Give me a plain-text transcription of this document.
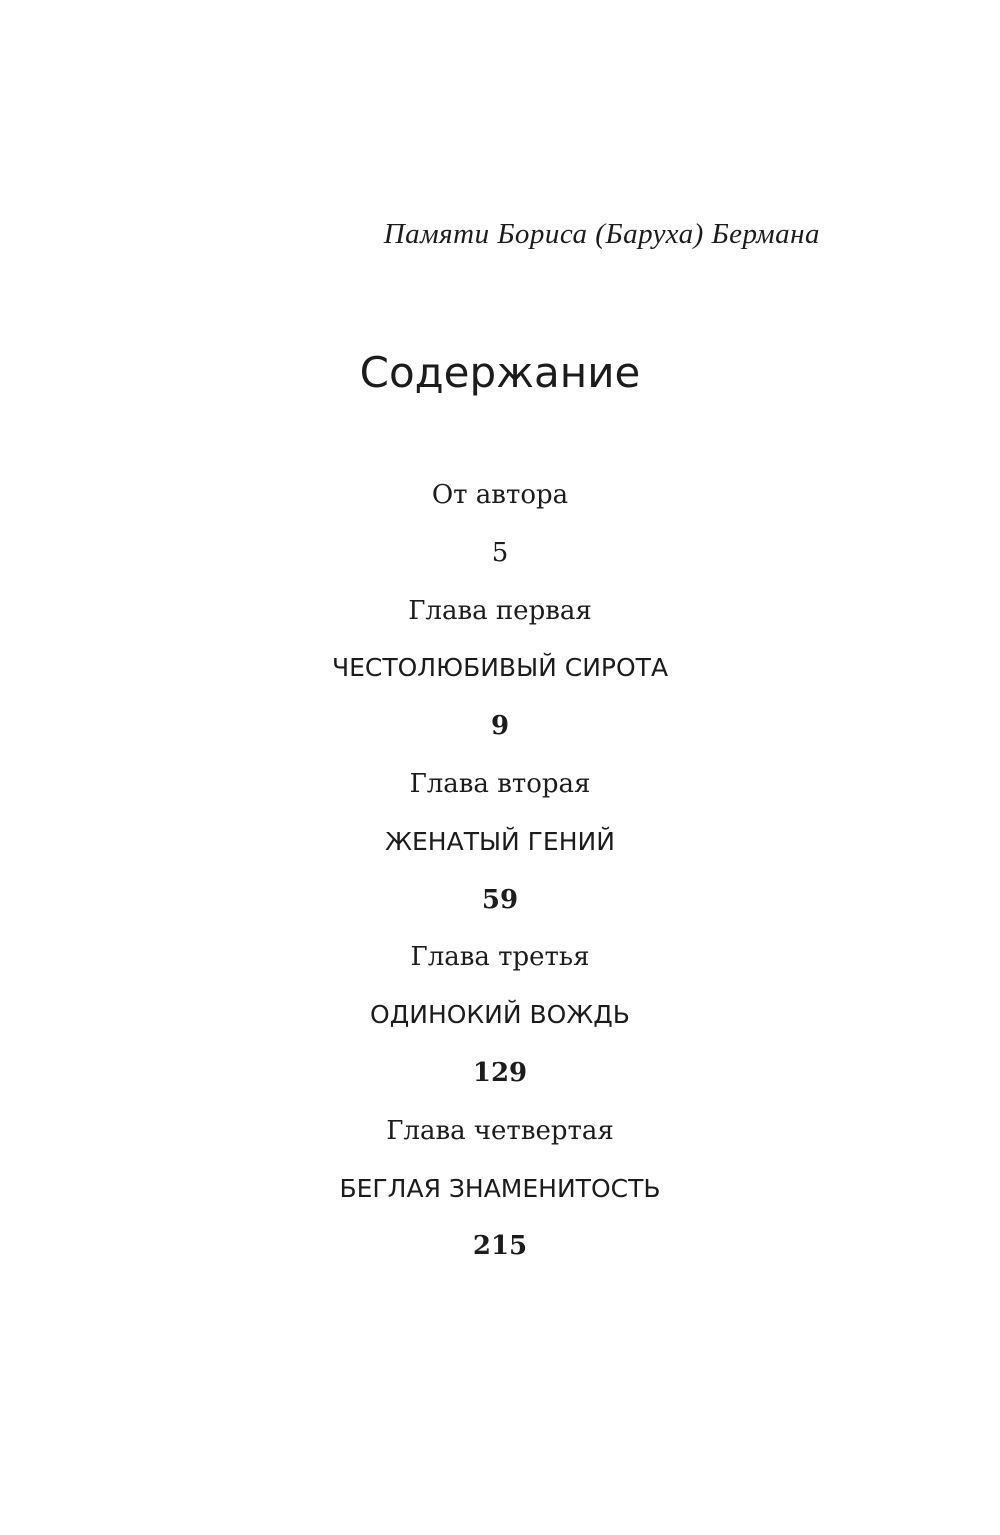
Памяти Бориса (Баруха) Бермана
Содержание
От автора
5
Глава первая
ЧЕСТОЛЮБИВЫЙ СИРОТА
9
Глава вторая
ЖЕНАТЫЙ ГЕНИЙ
59
Глава третья
ОДИНОКИЙ ВОЖДЬ
129
Глава четвертая
БЕГЛАЯ ЗНАМЕНИТОСТЬ
215
